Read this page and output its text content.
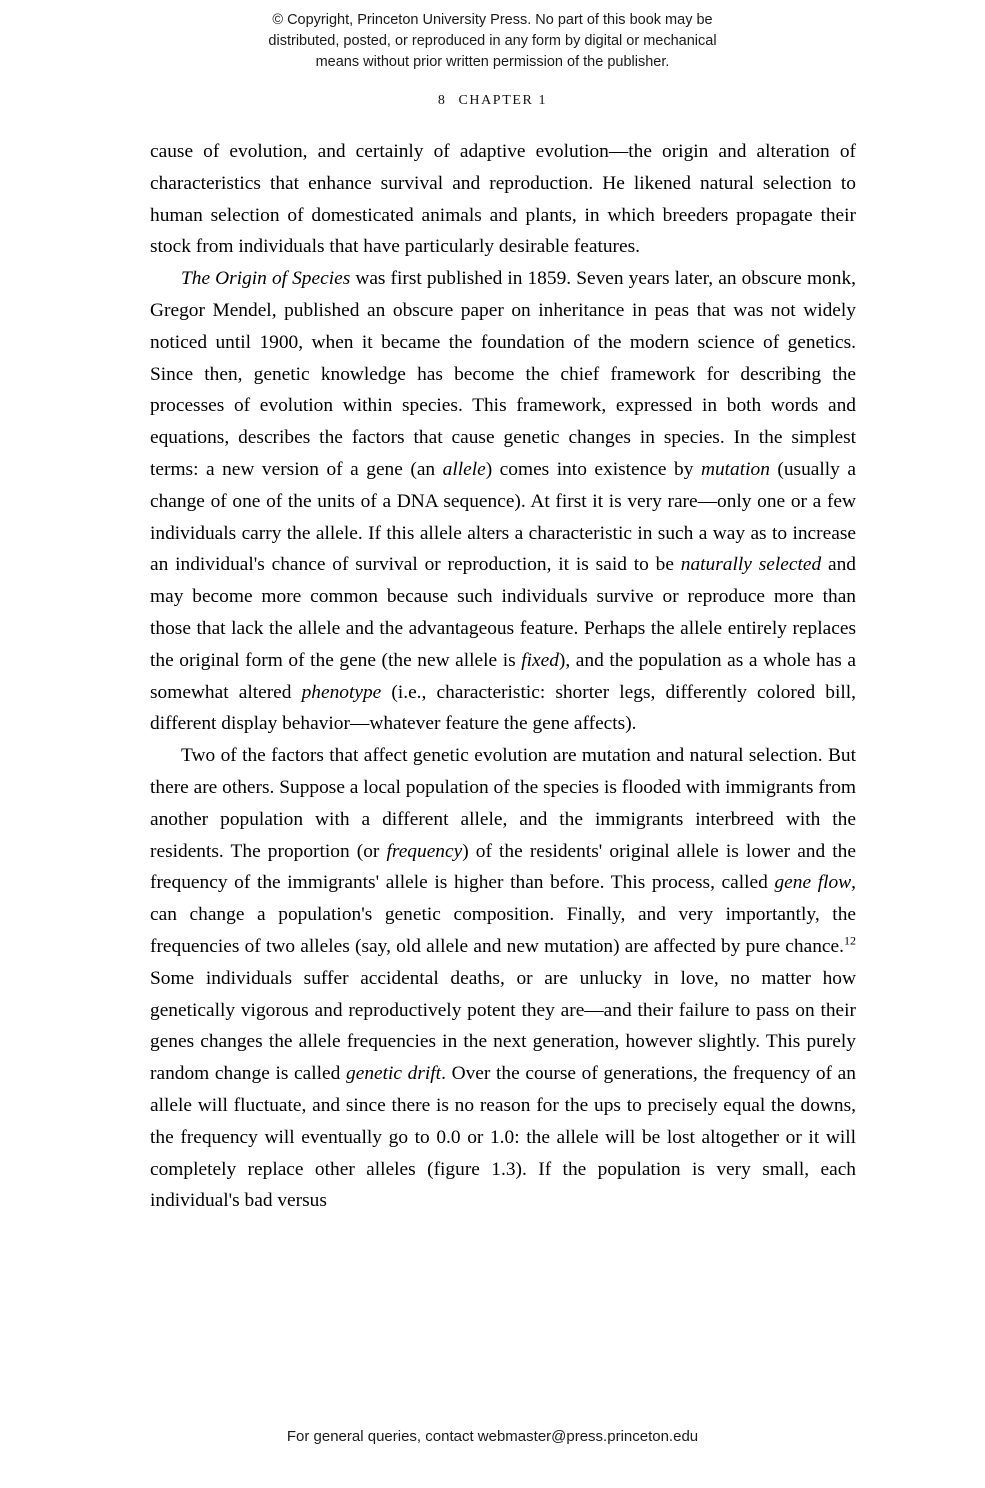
© Copyright, Princeton University Press. No part of this book may be
distributed, posted, or reproduced in any form by digital or mechanical
means without prior written permission of the publisher.
8 CHAPTER 1

cause of evolution, and certainly of adaptive evolution—the origin and alteration of characteristics that enhance survival and reproduction. He likened natural selection to human selection of domesticated animals and plants, in which breeders propagate their stock from individuals that have particularly desirable features.

The Origin of Species was first published in 1859. Seven years later, an obscure monk, Gregor Mendel, published an obscure paper on inheritance in peas that was not widely noticed until 1900, when it became the foundation of the modern science of genetics. Since then, genetic knowledge has become the chief framework for describing the processes of evolution within species. This framework, expressed in both words and equations, describes the factors that cause genetic changes in species. In the simplest terms: a new version of a gene (an allele) comes into existence by mutation (usually a change of one of the units of a DNA sequence). At first it is very rare—only one or a few individuals carry the allele. If this allele alters a characteristic in such a way as to increase an individual's chance of survival or reproduction, it is said to be naturally selected and may become more common because such individuals survive or reproduce more than those that lack the allele and the advantageous feature. Perhaps the allele entirely replaces the original form of the gene (the new allele is fixed), and the population as a whole has a somewhat altered phenotype (i.e., characteristic: shorter legs, differently colored bill, different display behavior—whatever feature the gene affects).

Two of the factors that affect genetic evolution are mutation and natural selection. But there are others. Suppose a local population of the species is flooded with immigrants from another population with a different allele, and the immigrants interbreed with the residents. The proportion (or frequency) of the residents' original allele is lower and the frequency of the immigrants' allele is higher than before. This process, called gene flow, can change a population's genetic composition. Finally, and very importantly, the frequencies of two alleles (say, old allele and new mutation) are affected by pure chance.$^{12}$ Some individuals suffer accidental deaths, or are unlucky in love, no matter how genetically vigorous and reproductively potent they are—and their failure to pass on their genes changes the allele frequencies in the next generation, however slightly. This purely random change is called genetic drift. Over the course of generations, the frequency of an allele will fluctuate, and since there is no reason for the ups to precisely equal the downs, the frequency will eventually go to 0.0 or 1.0: the allele will be lost altogether or it will completely replace other alleles (figure 1.3). If the population is very small, each individual's bad versus

For general queries, contact webmaster@press.princeton.edu
